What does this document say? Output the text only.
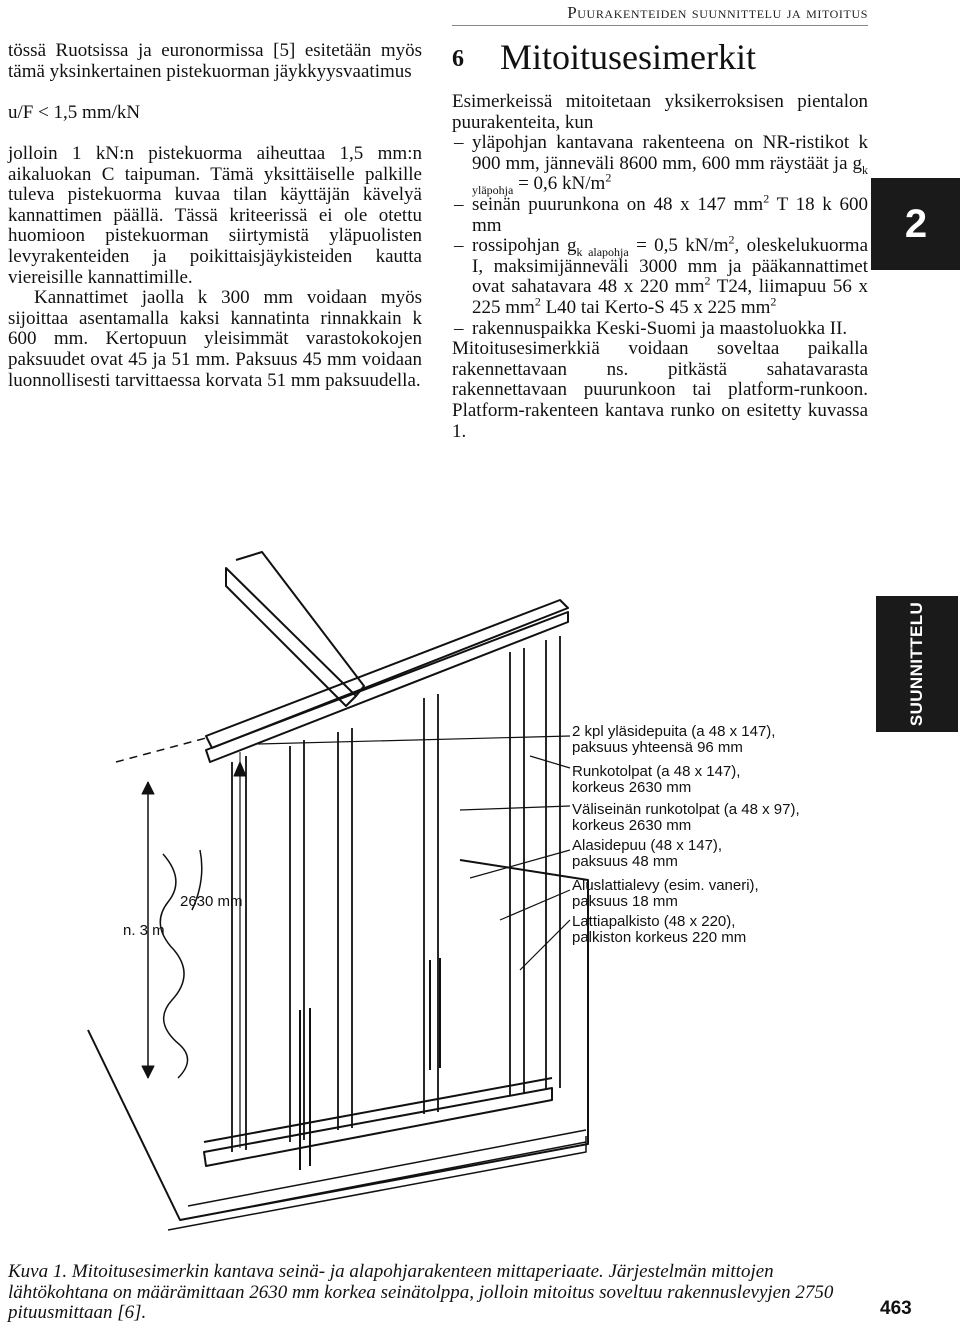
Puurakenteiden suunnittelu ja mitoitus

tössä Ruotsissa ja euronormissa [5] esitetään myös tämä yksinkertainen pistekuorman jäykkyysvaatimus

u/F < 1,5 mm/kN

jolloin 1 kN:n pistekuorma aiheuttaa 1,5 mm:n aikaluokan C taipuman. Tämä yksittäiselle palkille tuleva pistekuorma kuvaa tilan käyttäjän kävelyä kannattimen päällä. Tässä kriteerissä ei ole otettu huomioon pistekuorman siirtymistä yläpuolisten levyrakenteiden ja poikittaisjäykisteiden kautta viereisille kannattimille.

Kannattimet jaolla k 300 mm voidaan myös sijoittaa asentamalla kaksi kannatinta rinnakkain k 600 mm. Kertopuun yleisimmät varastokokojen paksuudet ovat 45 ja 51 mm. Paksuus 45 mm voidaan luonnollisesti tarvittaessa korvata 51 mm paksuudella.

6 Mitoitusesimerkit

Esimerkeissä mitoitetaan yksikerroksisen pientalon puurakenteita, kun

– yläpohjan kantavana rakenteena on NR-ristikot k 900 mm, jänneväli 8600 mm, 600 mm räystäät ja $g_{k yläpohja} = 0,6$ $kN/m^2$
– seinän puurunkona on 48 x 147 $mm^2$ T 18 k 600 mm
– rossipohjan $g_{k alapohja} = 0,5$ $kN/m^2$, oleskelukuorma I, maksimijänneväli 3000 mm ja pääkannattimet ovat sahatavara 48 x 220 $mm^2$ T24, liimapuu 56 x 225 $mm^2$ L40 tai Kerto-S 45 x 225 $mm^2$
– rakennuspaikka Keski-Suomi ja maastoluokka II.

Mitoitusesimerkkiä voidaan soveltaa paikalla rakennettavaan ns. pitkästä sahatavarasta rakennettavaan puurunkoon tai platform-runkoon. Platform-rakenteen kantava runko on esitetty kuvassa 1.

2
SUUNNITTELU
2630 mm
n. 3 m
2 kpl yläsidepuita (a 48 x 147),
paksuus yhteensä 96 mm
Runkotolpat (a 48 x 147),
korkeus 2630 mm
Väliseinän runkotolpat (a 48 x 97),
korkeus 2630 mm
Alasidepuu (48 x 147),
paksuus 48 mm
Aluslattialevy (esim. vaneri),
paksuus 18 mm
Lattiapalkisto (48 x 220),
palkiston korkeus 220 mm
Kuva 1. Mitoitusesimerkin kantava seinä- ja alapohjarakenteen mittaperiaate. Järjestelmän mittojen lähtökohtana on määrämittaan 2630 mm korkea seinätolppa, jolloin mitoitus soveltuu rakennuslevyjen 2750 pituusmittaan [6].	463
